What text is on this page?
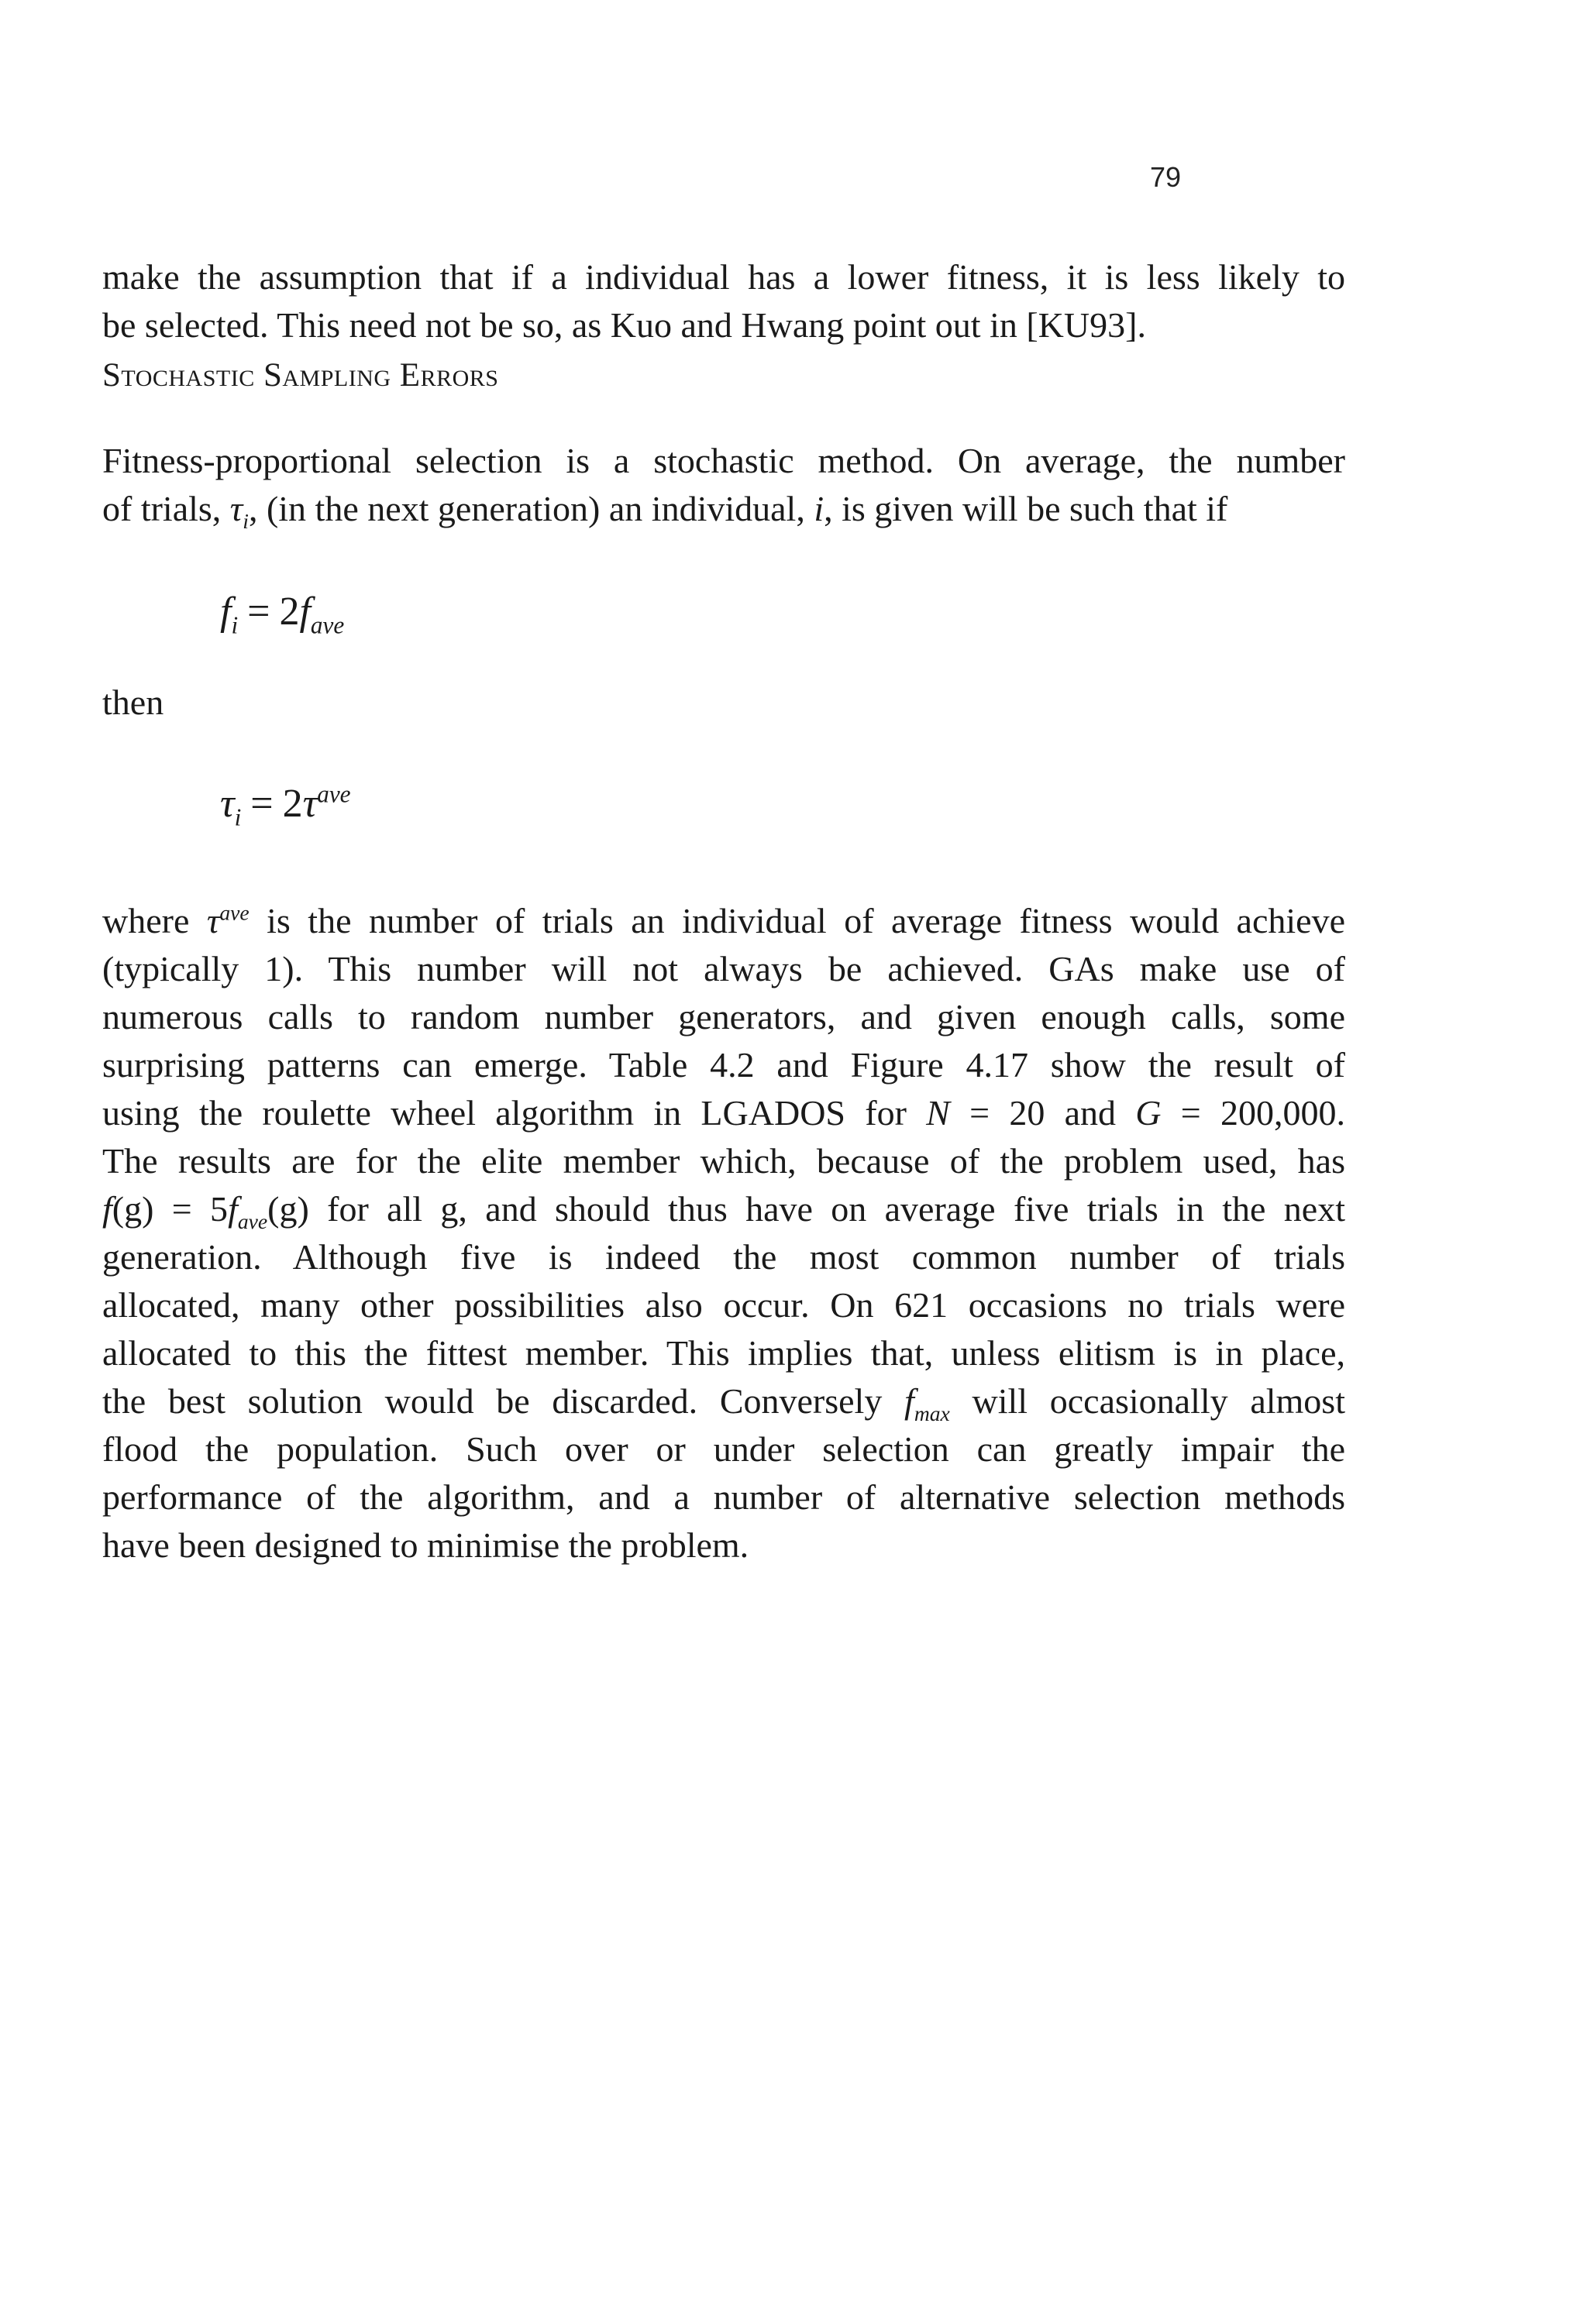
79
make the assumption that if a individual has a lower fitness, it is less likely to
be selected. This need not be so, as Kuo and Hwang point out in [KU93].
Stochastic Sampling Errors
Fitness-proportional selection is a stochastic method. On average, the number
of trials, $\tau_i$, (in the next generation) an individual, i, is given will be such that if
$f_i = 2f_{ave}$
then
$\tau_i = 2\tau^{ave}$
where $\tau^{ave}$ is the number of trials an individual of average fitness would achieve
(typically 1). This number will not always be achieved. GAs make use of
numerous calls to random number generators, and given enough calls, some
surprising patterns can emerge. Table 4.2 and Figure 4.17 show the result of
using the roulette wheel algorithm in LGADOS for N = 20 and G = 200,000.
The results are for the elite member which, because of the problem used, has
$f(g) = 5f_{ave}(g)$ for all g, and should thus have on average five trials in the next
generation. Although five is indeed the most common number of trials
allocated, many other possibilities also occur. On 621 occasions no trials were
allocated to this the fittest member. This implies that, unless elitism is in place,
the best solution would be discarded. Conversely $f_{max}$ will occasionally almost
flood the population. Such over or under selection can greatly impair the
performance of the algorithm, and a number of alternative selection methods
have been designed to minimise the problem.
